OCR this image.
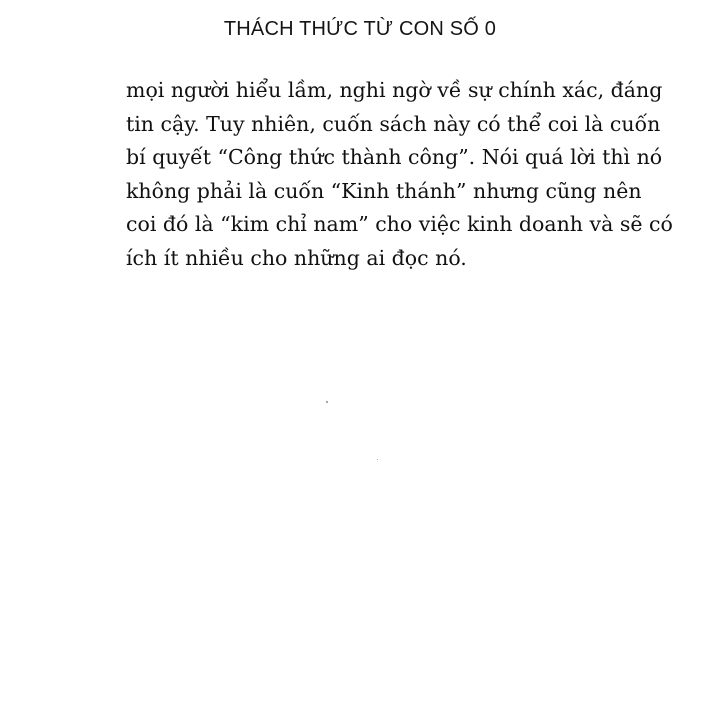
THÁCH THỨC TỪ CON SỐ 0
mọi người hiểu lầm, nghi ngờ về sự chính xác, đáng
tin cậy. Tuy nhiên, cuốn sách này có thể coi là cuốn
bí quyết “Công thức thành công”. Nói quá lời thì nó
không phải là cuốn “Kinh thánh” nhưng cũng nên
coi đó là “kim chỉ nam” cho việc kinh doanh và sẽ có
ích ít nhiều cho những ai đọc nó.
